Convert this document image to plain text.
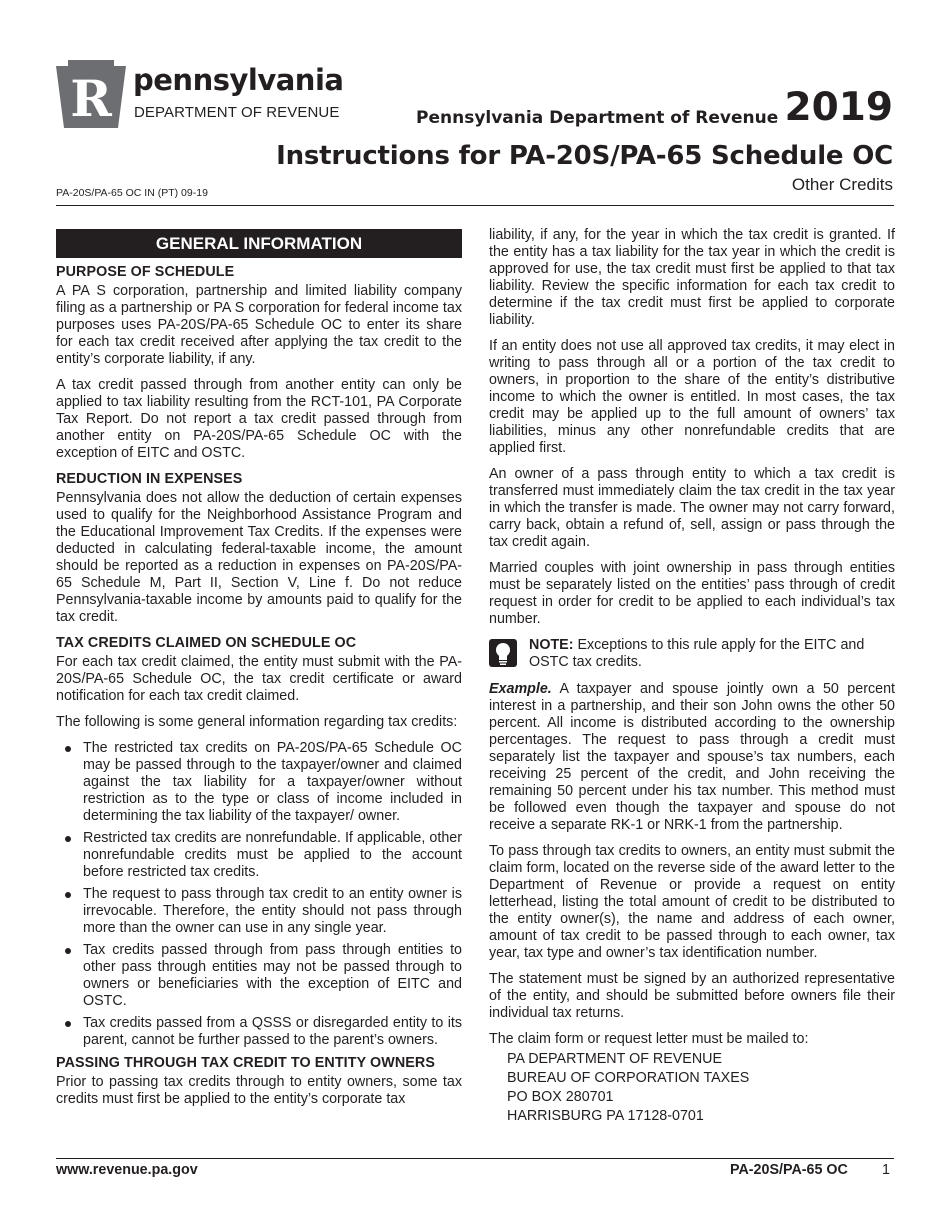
R pennsylvania
DEPARTMENT OF REVENUE	Pennsylvania Department of Revenue 2019
Instructions for PA-20S/PA-65 Schedule OC
Other Credits
PA-20S/PA-65 OC IN (PT) 09-19
GENERAL INFORMATION
PURPOSE OF SCHEDULE

A PA S corporation, partnership and limited liability company filing as a partnership or PA S corporation for federal income tax purposes uses PA-20S/PA-65 Schedule OC to enter its share for each tax credit received after applying the tax credit to the entity’s corporate liability, if any.

A tax credit passed through from another entity can only be applied to tax liability resulting from the RCT-101, PA Corporate Tax Report. Do not report a tax credit passed through from another entity on PA-20S/PA-65 Schedule OC with the exception of EITC and OSTC.

REDUCTION IN EXPENSES

Pennsylvania does not allow the deduction of certain expenses used to qualify for the Neighborhood Assistance Program and the Educational Improvement Tax Credits. If the expenses were deducted in calculating federal-taxable income, the amount should be reported as a reduction in expenses on PA-20S/PA-65 Schedule M, Part II, Section V, Line f. Do not reduce Pennsylvania-taxable income by amounts paid to qualify for the tax credit.

TAX CREDITS CLAIMED ON SCHEDULE OC

For each tax credit claimed, the entity must submit with the PA-20S/PA-65 Schedule OC, the tax credit certificate or award notification for each tax credit claimed.

The following is some general information regarding tax credits:

The restricted tax credits on PA-20S/PA-65 Schedule OC may be passed through to the taxpayer/owner and claimed against the tax liability for a taxpayer/owner without restriction as to the type or class of income included in determining the tax liability of the taxpayer/ owner.
Restricted tax credits are nonrefundable. If applicable, other nonrefundable credits must be applied to the account before restricted tax credits.
The request to pass through tax credit to an entity owner is irrevocable. Therefore, the entity should not pass through more than the owner can use in any single year.
Tax credits passed through from pass through entities to other pass through entities may not be passed through to owners or beneficiaries with the exception of EITC and OSTC.
Tax credits passed from a QSSS or disregarded entity to its parent, cannot be further passed to the parent’s owners.
PASSING THROUGH TAX CREDIT TO ENTITY OWNERS

Prior to passing tax credits through to entity owners, some tax credits must first be applied to the entity’s corporate tax

liability, if any, for the year in which the tax credit is granted. If the entity has a tax liability for the tax year in which the credit is approved for use, the tax credit must first be applied to that tax liability. Review the specific information for each tax credit to determine if the tax credit must first be applied to corporate liability.

If an entity does not use all approved tax credits, it may elect in writing to pass through all or a portion of the tax credit to owners, in proportion to the share of the entity’s distributive income to which the owner is entitled. In most cases, the tax credit may be applied up to the full amount of owners’ tax liabilities, minus any other nonrefundable credits that are applied first.

An owner of a pass through entity to which a tax credit is transferred must immediately claim the tax credit in the tax year in which the transfer is made. The owner may not carry forward, carry back, obtain a refund of, sell, assign or pass through the tax credit again.

Married couples with joint ownership in pass through entities must be separately listed on the entities’ pass through of credit request in order for credit to be applied to each individual’s tax number.

NOTE: Exceptions to this rule apply for the EITC and OSTC tax credits.

Example. A taxpayer and spouse jointly own a 50 percent interest in a partnership, and their son John owns the other 50 percent. All income is distributed according to the ownership percentages. The request to pass through a credit must separately list the taxpayer and spouse’s tax numbers, each receiving 25 percent of the credit, and John receiving the remaining 50 percent under his tax number. This method must be followed even though the taxpayer and spouse do not receive a separate RK-1 or NRK-1 from the partnership.

To pass through tax credits to owners, an entity must submit the claim form, located on the reverse side of the award letter to the Department of Revenue or provide a request on entity letterhead, listing the total amount of credit to be distributed to the entity owner(s), the name and address of each owner, amount of tax credit to be passed through to each owner, tax year, tax type and owner’s tax identification number.

The statement must be signed by an authorized representative of the entity, and should be submitted before owners file their individual tax returns.

The claim form or request letter must be mailed to:

PA DEPARTMENT OF REVENUE
BUREAU OF CORPORATION TAXES
PO BOX 280701
HARRISBURG PA 17128-0701
www.revenue.pa.gov	PA-20S/PA-65 OC 1
